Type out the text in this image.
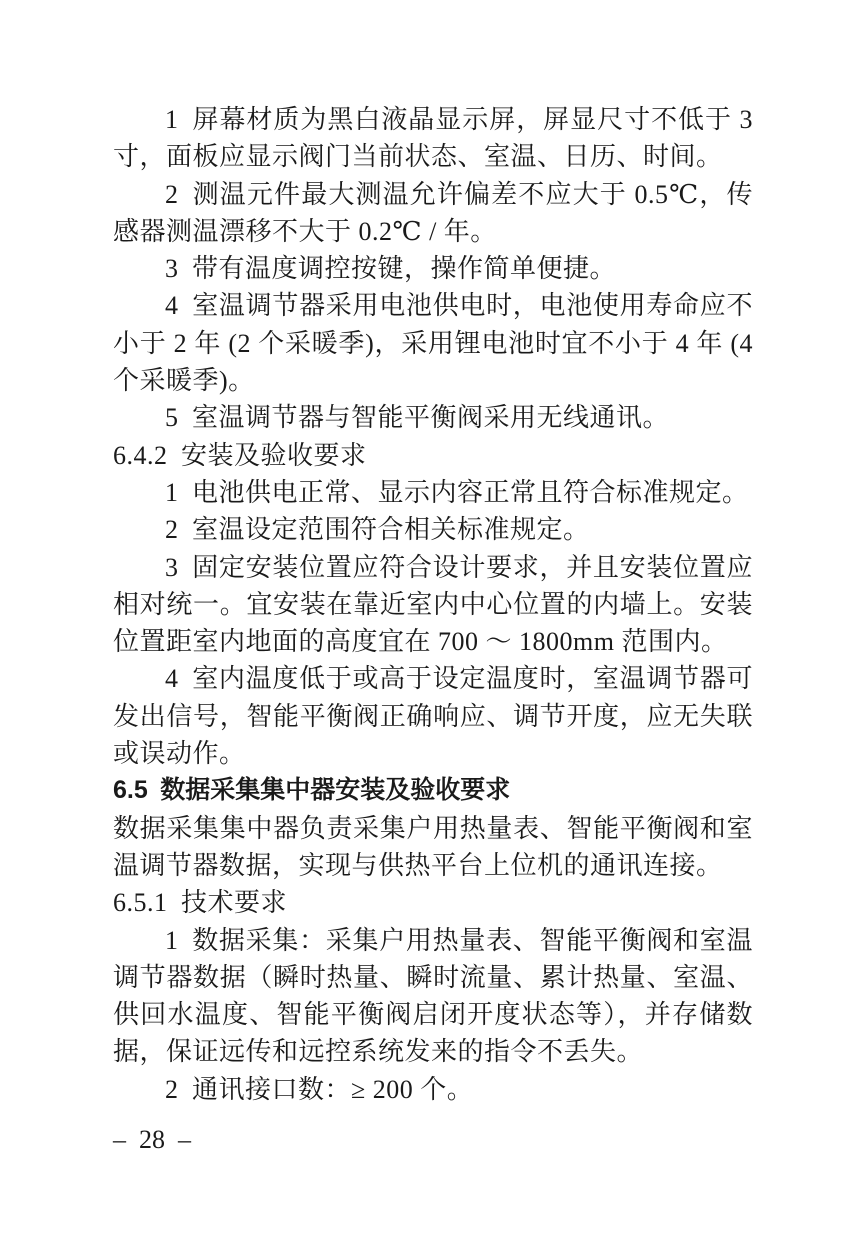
1 屏幕材质为黑白液晶显示屏，屏显尺寸不低于 3 寸，面板应显示阀门当前状态、室温、日历、时间。

2 测温元件最大测温允许偏差不应大于 0.5℃，传感器测温漂移不大于 0.2℃ / 年。

3 带有温度调控按键，操作简单便捷。

4 室温调节器采用电池供电时，电池使用寿命应不小于 2 年 (2 个采暖季)，采用锂电池时宜不小于 4 年 (4 个采暖季)。

5 室温调节器与智能平衡阀采用无线通讯。

6.4.2 安装及验收要求

1 电池供电正常、显示内容正常且符合标准规定。

2 室温设定范围符合相关标准规定。

3 固定安装位置应符合设计要求，并且安装位置应相对统一。宜安装在靠近室内中心位置的内墙上。安装位置距室内地面的高度宜在 700 ～ 1800mm 范围内。

4 室内温度低于或高于设定温度时，室温调节器可发出信号，智能平衡阀正确响应、调节开度，应无失联或误动作。

6.5 数据采集集中器安装及验收要求

数据采集集中器负责采集户用热量表、智能平衡阀和室温调节器数据，实现与供热平台上位机的通讯连接。

6.5.1 技术要求

1 数据采集：采集户用热量表、智能平衡阀和室温调节器数据（瞬时热量、瞬时流量、累计热量、室温、供回水温度、智能平衡阀启闭开度状态等），并存储数据，保证远传和远控系统发来的指令不丢失。

2 通讯接口数：≥ 200 个。

– 28 –
